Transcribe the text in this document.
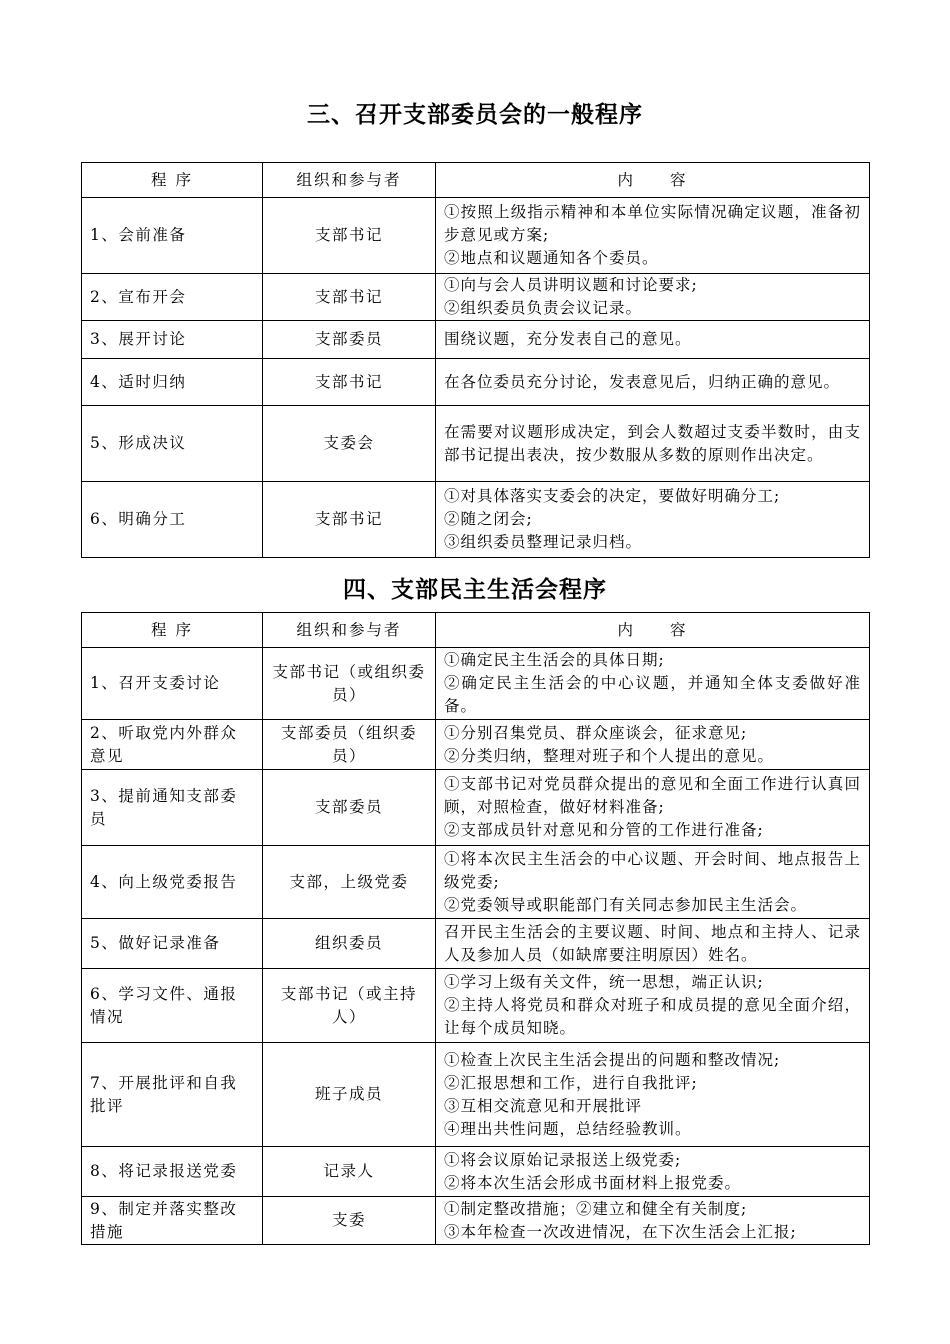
三、召开支部委员会的一般程序
程 序	组织和参与者	内　　容
1、会前准备	支部书记	①按照上级指示精神和本单位实际情况确定议题，准备初步意见或方案;
②地点和议题通知各个委员。

2、宣布开会	支部书记	①向与会人员讲明议题和讨论要求;
②组织委员负责会议记录。

3、展开讨论	支部委员	围绕议题，充分发表自己的意见。

4、适时归纳	支部书记	在各位委员充分讨论，发表意见后，归纳正确的意见。

5、形成决议	支委会	在需要对议题形成决定，到会人数超过支委半数时，由支部书记提出表决，按少数服从多数的原则作出决定。

6、明确分工	支部书记	①对具体落实支委会的决定，要做好明确分工;
②随之闭会;
③组织委员整理记录归档。
四、支部民主生活会程序
程 序	组织和参与者	内　　容
1、召开支委讨论	支部书记（或组织委员）	①确定民主生活会的具体日期;
②确定民主生活会的中心议题，并通知全体支委做好准备。

2、听取党内外群众意见	支部委员（组织委员）	①分别召集党员、群众座谈会，征求意见;
②分类归纳，整理对班子和个人提出的意见。

3、提前通知支部委员	支部委员	①支部书记对党员群众提出的意见和全面工作进行认真回顾，对照检查，做好材料准备;
②支部成员针对意见和分管的工作进行准备;

4、向上级党委报告	支部，上级党委	①将本次民主生活会的中心议题、开会时间、地点报告上级党委;
②党委领导或职能部门有关同志参加民主生活会。

5、做好记录准备	组织委员	召开民主生活会的主要议题、时间、地点和主持人、记录人及参加人员（如缺席要注明原因）姓名。

6、学习文件、通报情况	支部书记（或主持人）	①学习上级有关文件，统一思想，端正认识;
②主持人将党员和群众对班子和成员提的意见全面介绍，让每个成员知晓。

7、开展批评和自我批评	班子成员	①检查上次民主生活会提出的问题和整改情况;
②汇报思想和工作，进行自我批评;
③互相交流意见和开展批评
④理出共性问题，总结经验教训。

8、将记录报送党委	记录人	①将会议原始记录报送上级党委;
②将本次生活会形成书面材料上报党委。

9、制定并落实整改措施	支委	①制定整改措施；②建立和健全有关制度;
③本年检查一次改进情况，在下次生活会上汇报;
